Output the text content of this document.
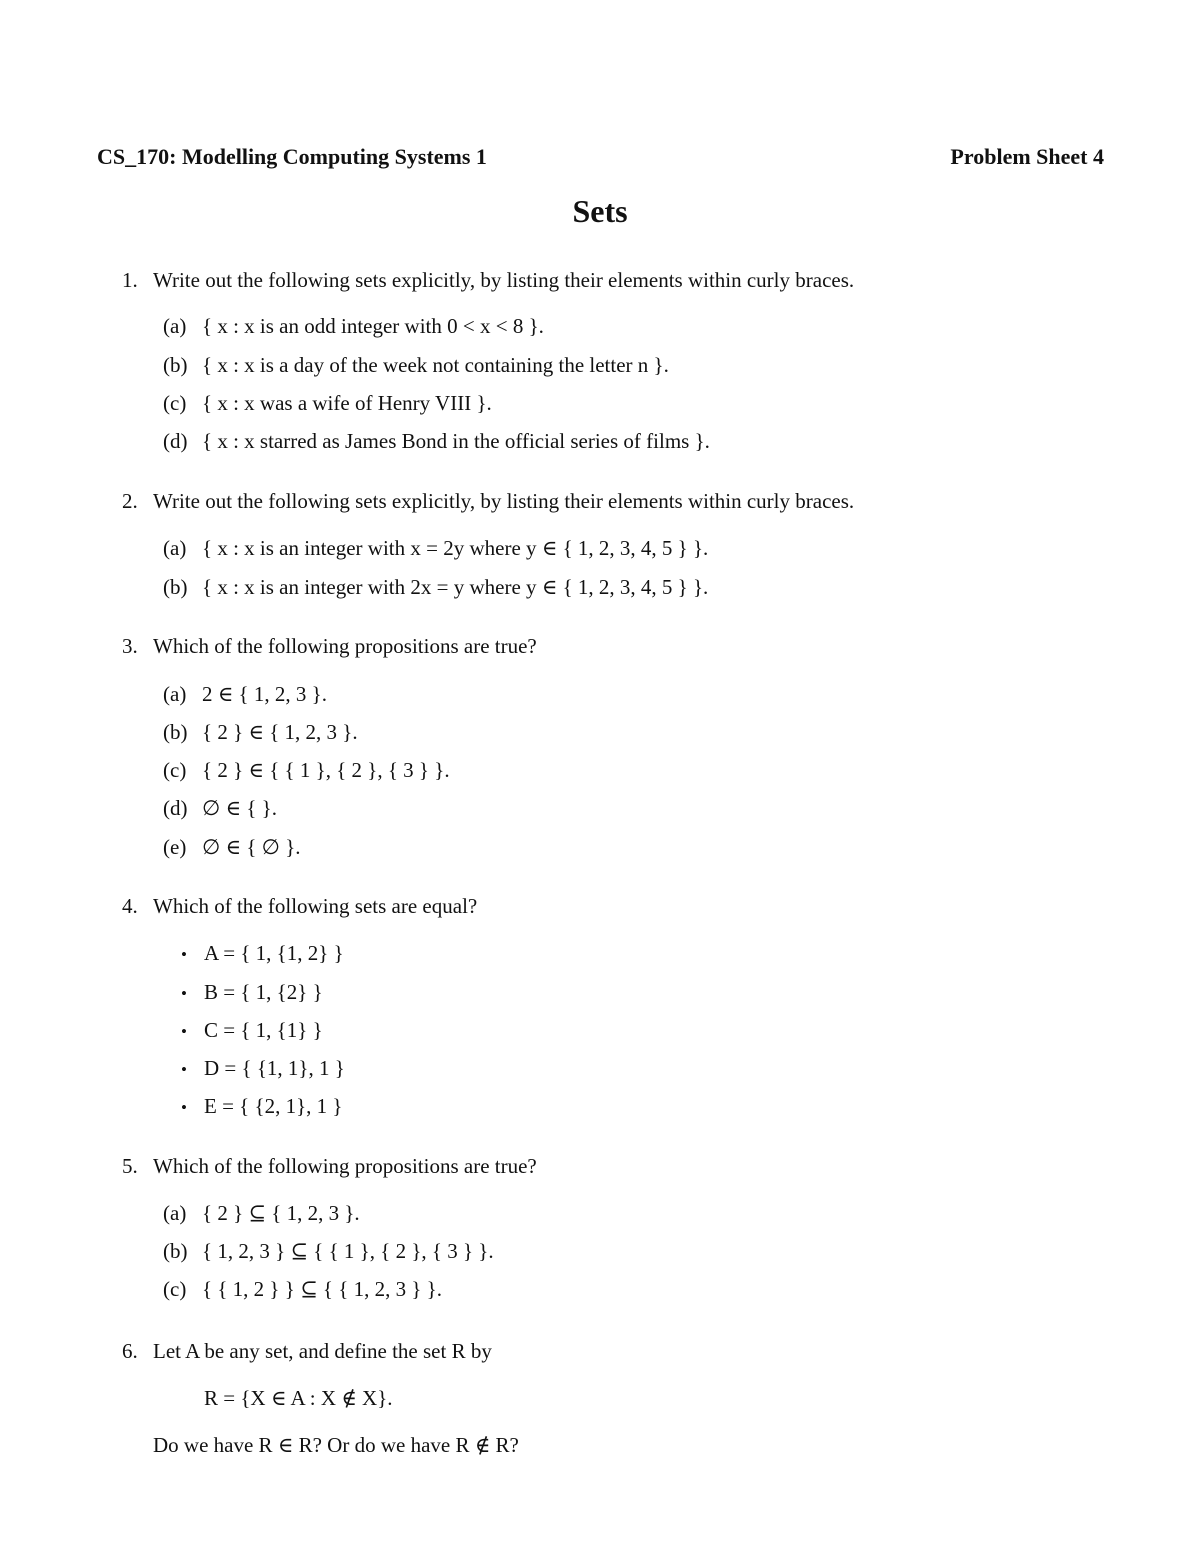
CS_170: Modelling Computing Systems 1	Problem Sheet 4
Sets
1. Write out the following sets explicitly, by listing their elements within curly braces.
(a) { x : x is an odd integer with 0 < x < 8 }.
(b) { x : x is a day of the week not containing the letter n }.
(c) { x : x was a wife of Henry VIII }.
(d) { x : x starred as James Bond in the official series of films }.
2. Write out the following sets explicitly, by listing their elements within curly braces.
(a) { x : x is an integer with x = 2y where y ∈ { 1, 2, 3, 4, 5 } }.
(b) { x : x is an integer with 2x = y where y ∈ { 1, 2, 3, 4, 5 } }.
3. Which of the following propositions are true?
(a) 2 ∈ { 1, 2, 3 }.
(b) { 2 } ∈ { 1, 2, 3 }.
(c) { 2 } ∈ { { 1 }, { 2 }, { 3 } }.
(d) ∅ ∈ { }.
(e) ∅ ∈ { ∅ }.
4. Which of the following sets are equal?
• A = { 1, {1, 2} }
• B = { 1, {2} }
• C = { 1, {1} }
• D = { {1, 1}, 1 }
• E = { {2, 1}, 1 }
5. Which of the following propositions are true?
(a) { 2 } ⊆ { 1, 2, 3 }.
(b) { 1, 2, 3 } ⊆ { { 1 }, { 2 }, { 3 } }.
(c) { { 1, 2 } } ⊆ { { 1, 2, 3 } }.
6. Let A be any set, and define the set R by
R = {X ∈ A : X ∉ X}.
Do we have R ∈ R? Or do we have R ∉ R?
